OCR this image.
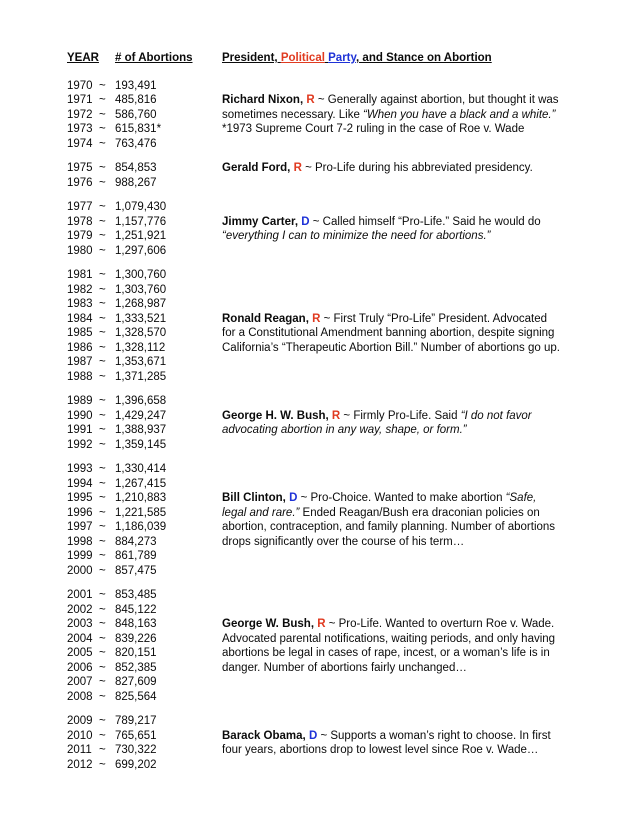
YEAR	# of Abortions	President, Political Party, and Stance on Abortion
1970 ~ 193,491
1971 ~ 485,816	Richard Nixon, R ~ Generally against abortion, but thought it was
1972 ~ 586,760	sometimes necessary. Like “When you have a black and a white.”
1973 ~ 615,831*	*1973 Supreme Court 7-2 ruling in the case of Roe v. Wade
1974 ~ 763,476
1975 ~ 854,853	Gerald Ford, R ~ Pro-Life during his abbreviated presidency.
1976 ~ 988,267
1977 ~ 1,079,430
1978 ~ 1,157,776	Jimmy Carter, D ~ Called himself “Pro-Life.” Said he would do
1979 ~ 1,251,921	“everything I can to minimize the need for abortions.”
1980 ~ 1,297,606
1981 ~ 1,300,760
1982 ~ 1,303,760
1983 ~ 1,268,987
1984 ~ 1,333,521	Ronald Reagan, R ~ First Truly “Pro-Life” President. Advocated
1985 ~ 1,328,570	for a Constitutional Amendment banning abortion, despite signing
1986 ~ 1,328,112	California’s “Therapeutic Abortion Bill.” Number of abortions go up.
1987 ~ 1,353,671
1988 ~ 1,371,285
1989 ~ 1,396,658
1990 ~ 1,429,247	George H. W. Bush, R ~ Firmly Pro-Life. Said “I do not favor
1991 ~ 1,388,937	advocating abortion in any way, shape, or form.”
1992 ~ 1,359,145
1993 ~ 1,330,414
1994 ~ 1,267,415
1995 ~ 1,210,883	Bill Clinton, D ~ Pro-Choice. Wanted to make abortion “Safe,
1996 ~ 1,221,585	legal and rare.” Ended Reagan/Bush era draconian policies on
1997 ~ 1,186,039	abortion, contraception, and family planning. Number of abortions
1998 ~ 884,273	drops significantly over the course of his term…
1999 ~ 861,789
2000 ~ 857,475
2001 ~ 853,485
2002 ~ 845,122
2003 ~ 848,163	George W. Bush, R ~ Pro-Life. Wanted to overturn Roe v. Wade.
2004 ~ 839,226	Advocated parental notifications, waiting periods, and only having
2005 ~ 820,151	abortions be legal in cases of rape, incest, or a woman’s life is in
2006 ~ 852,385	danger. Number of abortions fairly unchanged…
2007 ~ 827,609
2008 ~ 825,564
2009 ~ 789,217
2010 ~ 765,651	Barack Obama, D ~ Supports a woman’s right to choose. In first
2011 ~ 730,322	four years, abortions drop to lowest level since Roe v. Wade…
2012 ~ 699,202
